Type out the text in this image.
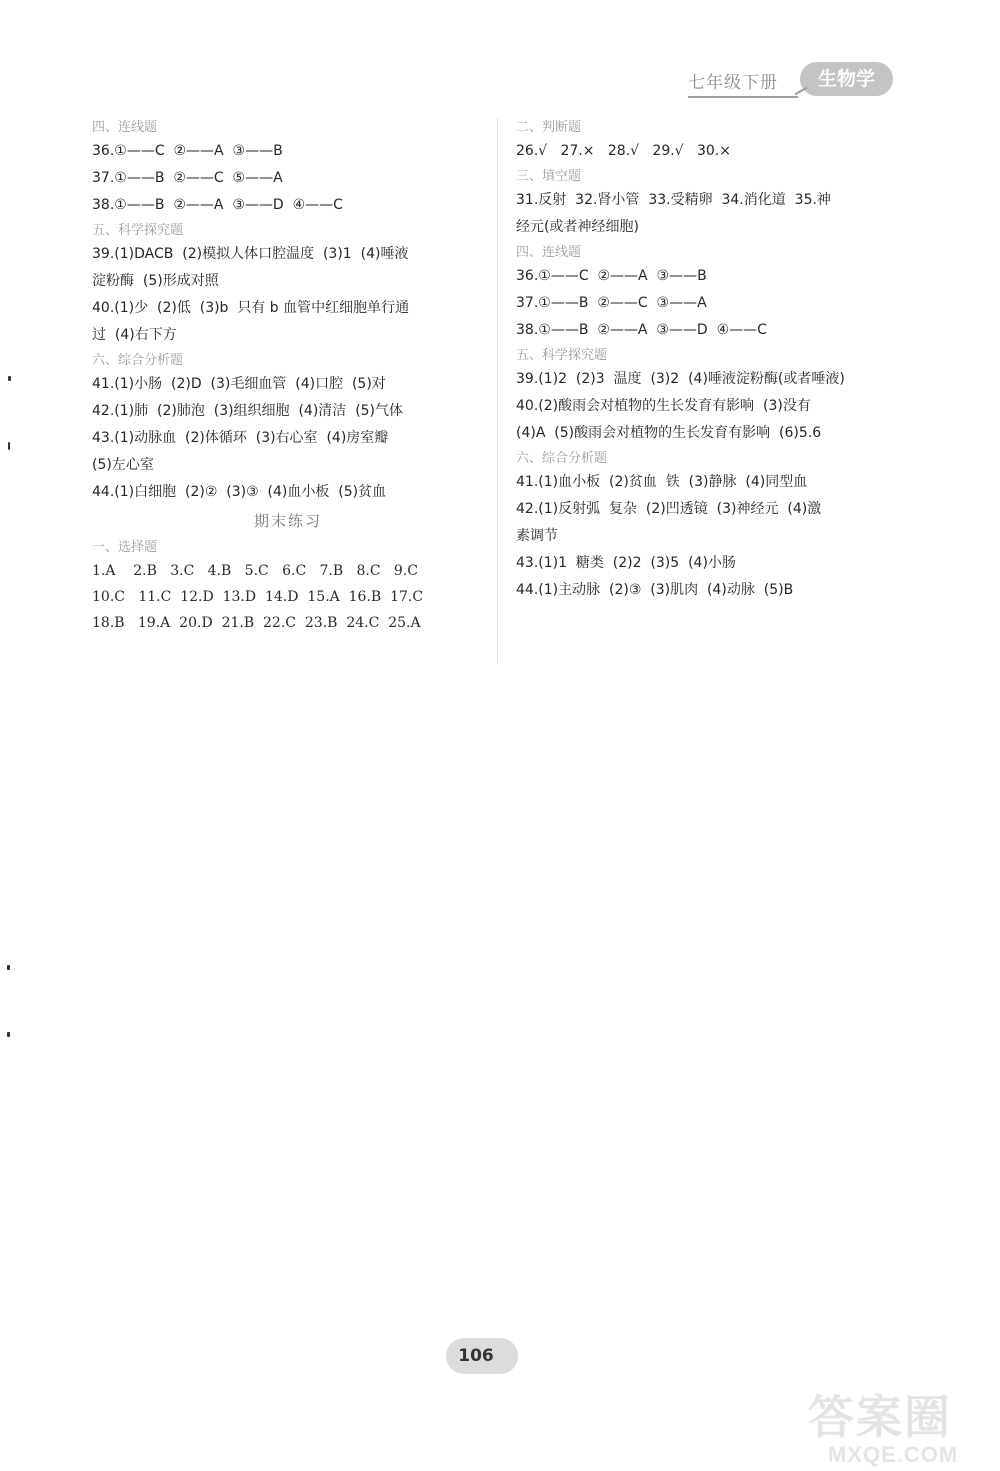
七年级下册	生物学
四、连线题
36.①——C  ②——A  ③——B
37.①——B  ②——C  ⑤——A
38.①——B  ②——A  ③——D  ④——C
五、科学探究题
39.(1)DACB  (2)模拟人体口腔温度  (3)1  (4)唾液
淀粉酶  (5)形成对照
40.(1)少  (2)低  (3)b  只有 b 血管中红细胞单行通
过  (4)右下方
六、综合分析题
41.(1)小肠  (2)D  (3)毛细血管  (4)口腔  (5)对
42.(1)肺  (2)肺泡  (3)组织细胞  (4)清洁  (5)气体
43.(1)动脉血  (2)体循环  (3)右心室  (4)房室瓣
(5)左心室
44.(1)白细胞  (2)②  (3)③  (4)血小板  (5)贫血
期末练习
一、选择题
1.A    2.B   3.C   4.B   5.C   6.C   7.B   8.C   9.C
10.C   11.C  12.D  13.D  14.D  15.A  16.B  17.C
18.B   19.A  20.D  21.B  22.C  23.B  24.C  25.A
二、判断题
26.√   27.×   28.√   29.√   30.×
三、填空题
31.反射  32.肾小管  33.受精卵  34.消化道  35.神
经元(或者神经细胞)
四、连线题
36.①——C  ②——A  ③——B
37.①——B  ②——C  ③——A
38.①——B  ②——A  ③——D  ④——C
五、科学探究题
39.(1)2  (2)3  温度  (3)2  (4)唾液淀粉酶(或者唾液)
40.(2)酸雨会对植物的生长发育有影响  (3)没有
(4)A  (5)酸雨会对植物的生长发育有影响  (6)5.6
六、综合分析题
41.(1)血小板  (2)贫血  铁  (3)静脉  (4)同型血
42.(1)反射弧  复杂  (2)凹透镜  (3)神经元  (4)激
素调节
43.(1)1  糖类  (2)2  (3)5  (4)小肠
44.(1)主动脉  (2)③  (3)肌肉  (4)动脉  (5)B
106
答案圈
MXQE.COM
